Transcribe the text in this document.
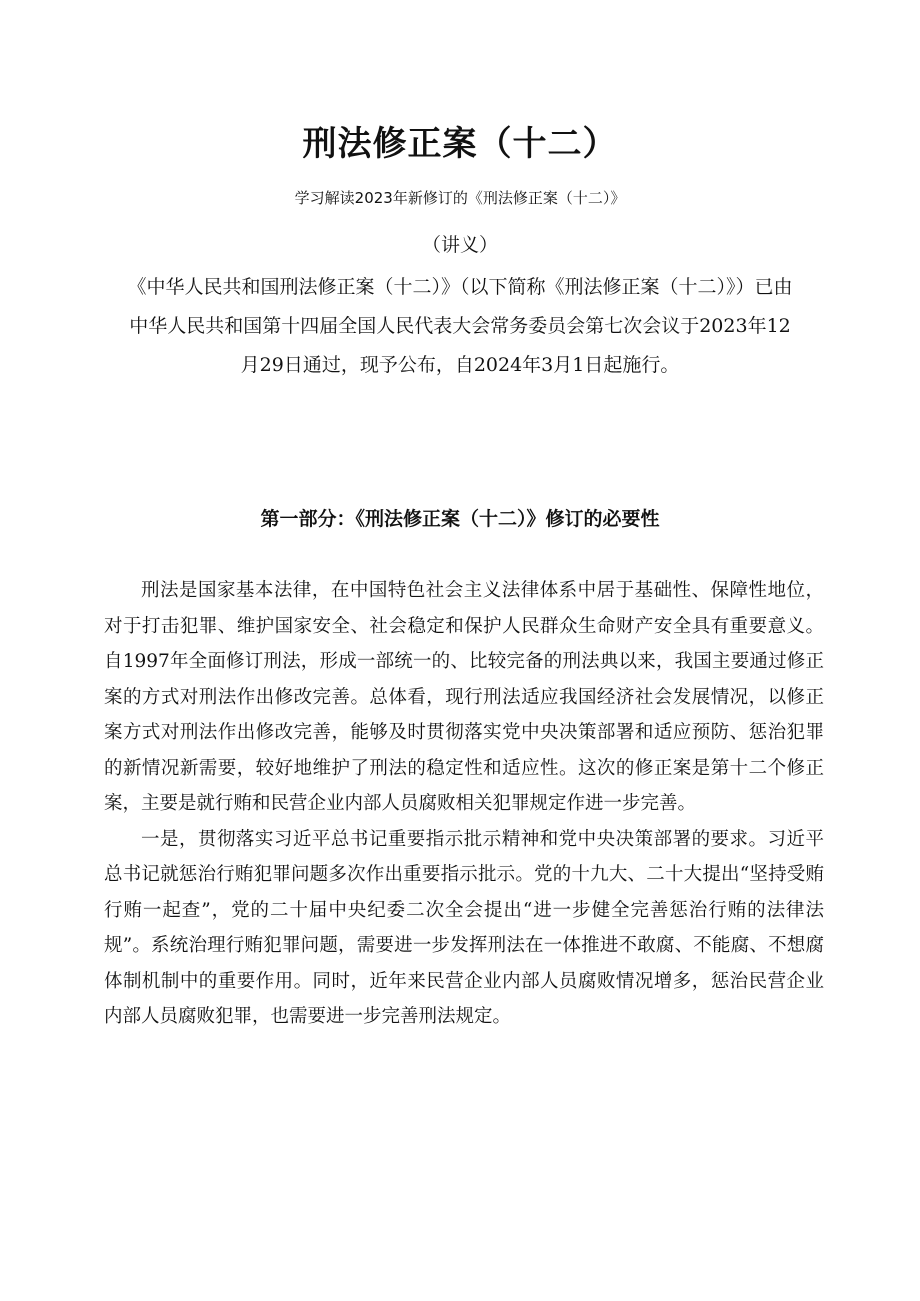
刑法修正案（十二）

学习解读2023年新修订的《刑法修正案（十二）》

（讲义）

《中华人民共和国刑法修正案（十二）》（以下简称《刑法修正案（十二）》）已由中华人民共和国第十四届全国人民代表大会常务委员会第七次会议于2023年12月29日通过，现予公布，自2024年3月1日起施行。

第一部分：《刑法修正案（十二）》修订的必要性

刑法是国家基本法律，在中国特色社会主义法律体系中居于基础性、保障性地位，对于打击犯罪、维护国家安全、社会稳定和保护人民群众生命财产安全具有重要意义。自1997年全面修订刑法，形成一部统一的、比较完备的刑法典以来，我国主要通过修正案的方式对刑法作出修改完善。总体看，现行刑法适应我国经济社会发展情况，以修正案方式对刑法作出修改完善，能够及时贯彻落实党中央决策部署和适应预防、惩治犯罪的新情况新需要，较好地维护了刑法的稳定性和适应性。这次的修正案是第十二个修正案，主要是就行贿和民营企业内部人员腐败相关犯罪规定作进一步完善。

一是，贯彻落实习近平总书记重要指示批示精神和党中央决策部署的要求。习近平总书记就惩治行贿犯罪问题多次作出重要指示批示。党的十九大、二十大提出“坚持受贿行贿一起查”，党的二十届中央纪委二次全会提出“进一步健全完善惩治行贿的法律法规”。系统治理行贿犯罪问题，需要进一步发挥刑法在一体推进不敢腐、不能腐、不想腐体制机制中的重要作用。同时，近年来民营企业内部人员腐败情况增多，惩治民营企业内部人员腐败犯罪，也需要进一步完善刑法规定。
